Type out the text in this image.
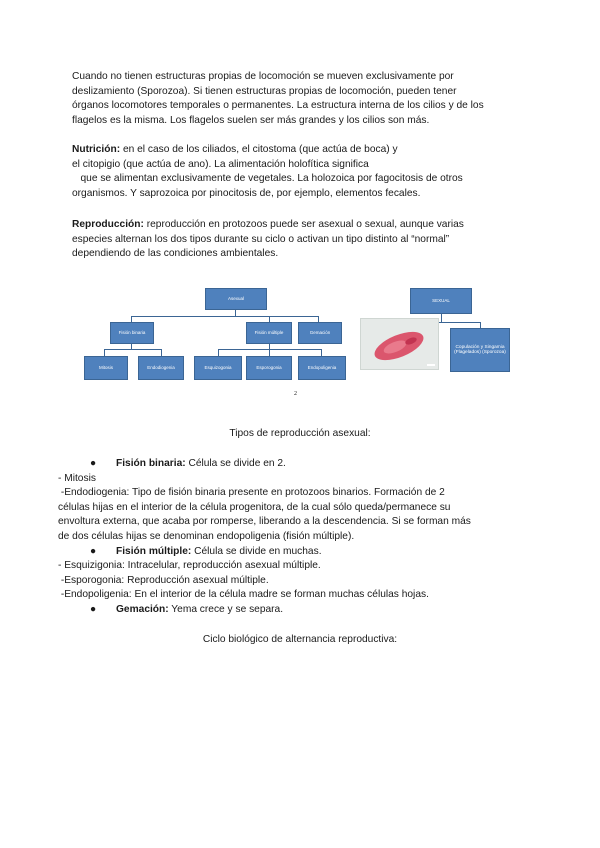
Cuando no tienen estructuras propias de locomoción se mueven exclusivamente por
deslizamiento (Sporozoa). Si tienen estructuras propias de locomoción, pueden tener
órganos locomotores temporales o permanentes. La estructura interna de los cilios y de los
flagelos es la misma. Los flagelos suelen ser más grandes y los cilios son más.

Nutrición: en el caso de los ciliados, el citostoma (que actúa de boca) y
el citopigio (que actúa de ano). La alimentación holofítica significa
que se alimentan exclusivamente de vegetales. La holozoica por fagocitosis de otros
organismos. Y saprozoica por pinocitosis de, por ejemplo, elementos fecales.

Reproducción: reproducción en protozoos puede ser asexual o sexual, aunque varias
especies alternan los dos tipos durante su ciclo o activan un tipo distinto al “normal”
dependiendo de las condiciones ambientales.

Asexual
Fisión binaria	Fisión múltiple	Gemación
Mitosis	Endodiogenia	Esquizogonia	Esporogonia	Endopoligenia
SEXUAL
Copulación y Singamia (Flagelados) (Sporozoa)
2
Tipos de reproducción asexual:
● Fisión binaria: Célula se divide en 2.
- Mitosis
-Endodiogenia: Tipo de fisión binaria presente en protozoos binarios. Formación de 2
células hijas en el interior de la célula progenitora, de la cual sólo queda/permanece su
envoltura externa, que acaba por romperse, liberando a la descendencia. Si se forman más
de dos células hijas se denominan endopoligenia (fisión múltiple).
● Fisión múltiple: Célula se divide en muchas.
- Esquizigonia: Intracelular, reproducción asexual múltiple.
-Esporogonia: Reproducción asexual múltiple.
-Endopoligenia: En el interior de la célula madre se forman muchas células hojas.
● Gemación: Yema crece y se separa.
Ciclo biológico de alternancia reproductiva:
